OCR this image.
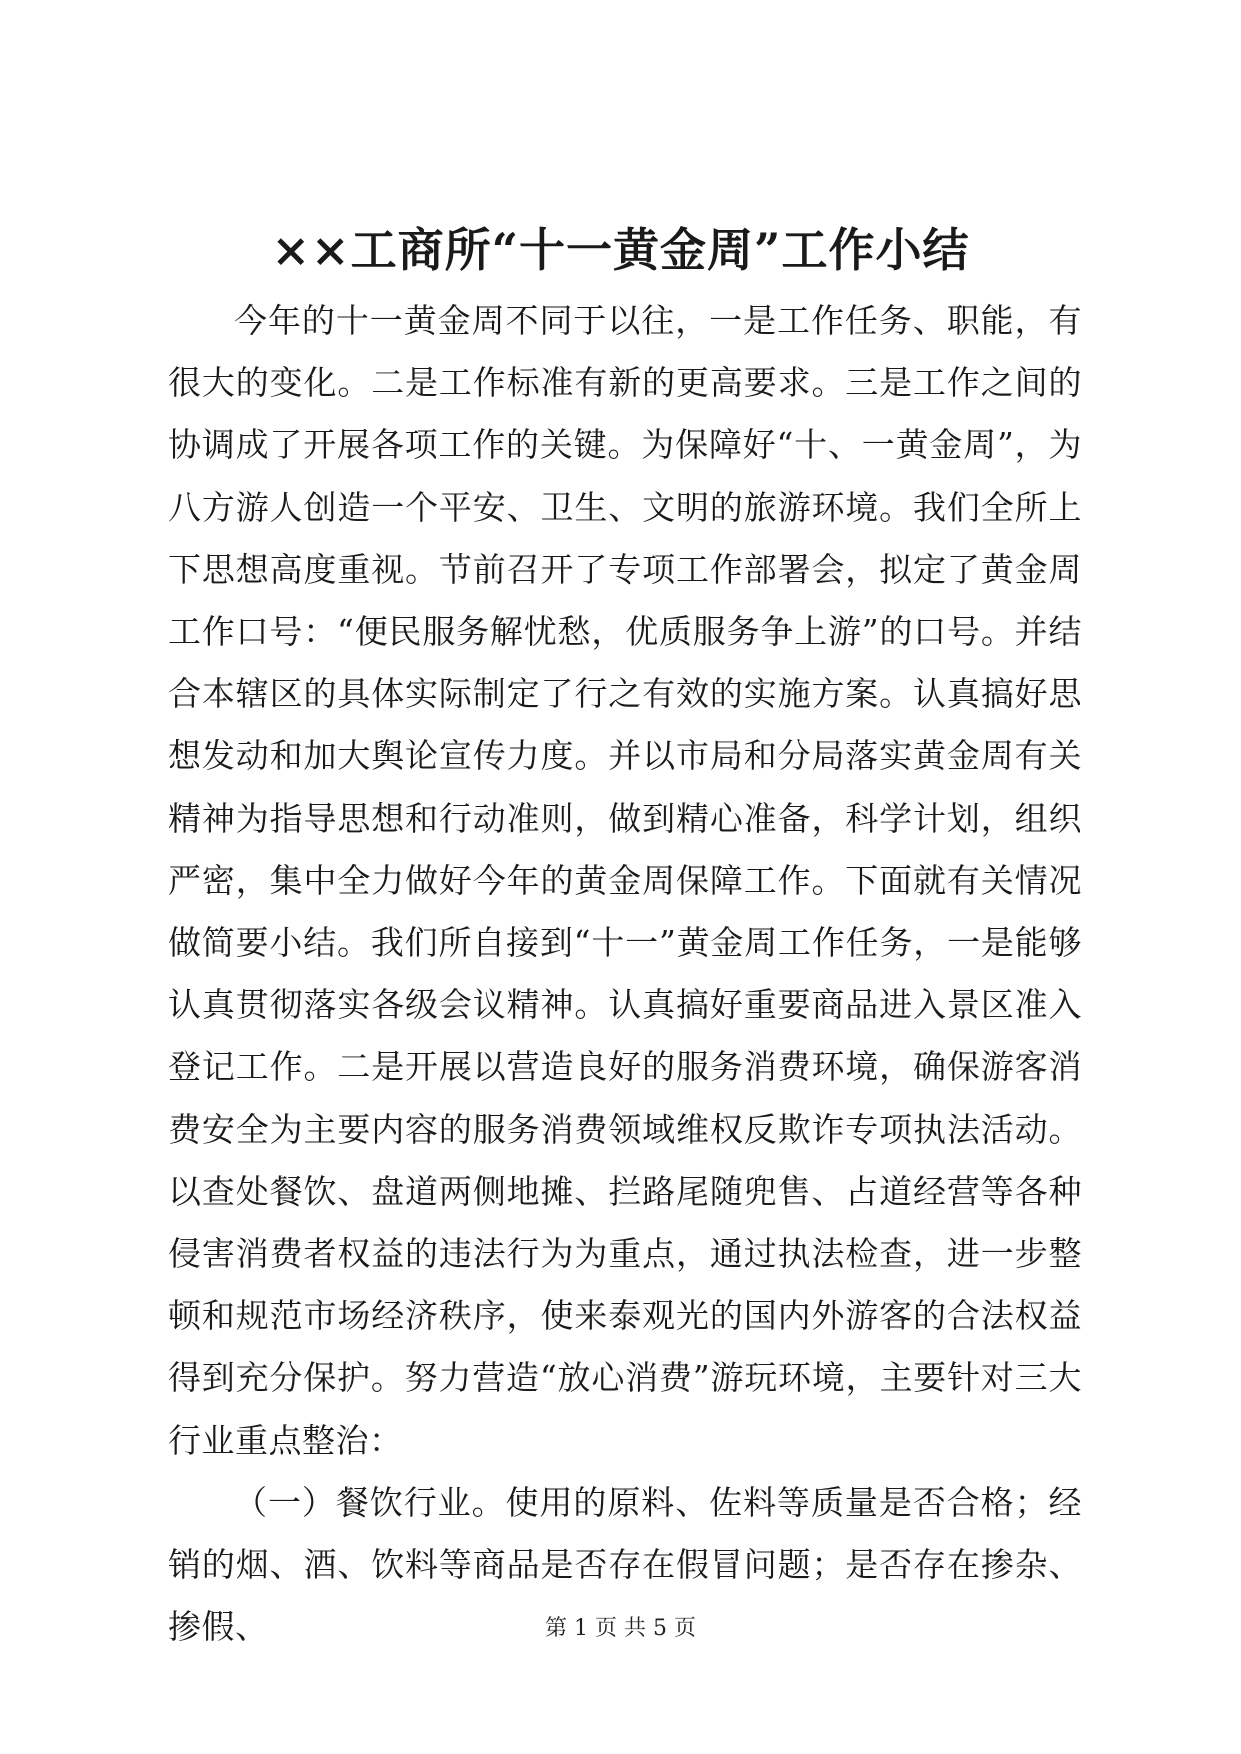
××工商所“十一黄金周”工作小结

今年的十一黄金周不同于以往，一是工作任务、职能，有很大的变化。二是工作标准有新的更高要求。三是工作之间的协调成了开展各项工作的关键。为保障好“十、一黄金周”，为八方游人创造一个平安、卫生、文明的旅游环境。我们全所上下思想高度重视。节前召开了专项工作部署会，拟定了黄金周工作口号：“便民服务解忧愁，优质服务争上游”的口号。并结合本辖区的具体实际制定了行之有效的实施方案。认真搞好思想发动和加大舆论宣传力度。并以市局和分局落实黄金周有关精神为指导思想和行动准则，做到精心准备，科学计划，组织严密，集中全力做好今年的黄金周保障工作。下面就有关情况做简要小结。我们所自接到“十一”黄金周工作任务，一是能够认真贯彻落实各级会议精神。认真搞好重要商品进入景区准入登记工作。二是开展以营造良好的服务消费环境，确保游客消费安全为主要内容的服务消费领域维权反欺诈专项执法活动。以查处餐饮、盘道两侧地摊、拦路尾随兜售、占道经营等各种侵害消费者权益的违法行为为重点，通过执法检查，进一步整顿和规范市场经济秩序，使来泰观光的国内外游客的合法权益得到充分保护。努力营造“放心消费”游玩环境，主要针对三大行业重点整治：

（一）餐饮行业。使用的原料、佐料等质量是否合格；经销的烟、酒、饮料等商品是否存在假冒问题；是否存在掺杂、掺假、	第 1 页 共 5 页
